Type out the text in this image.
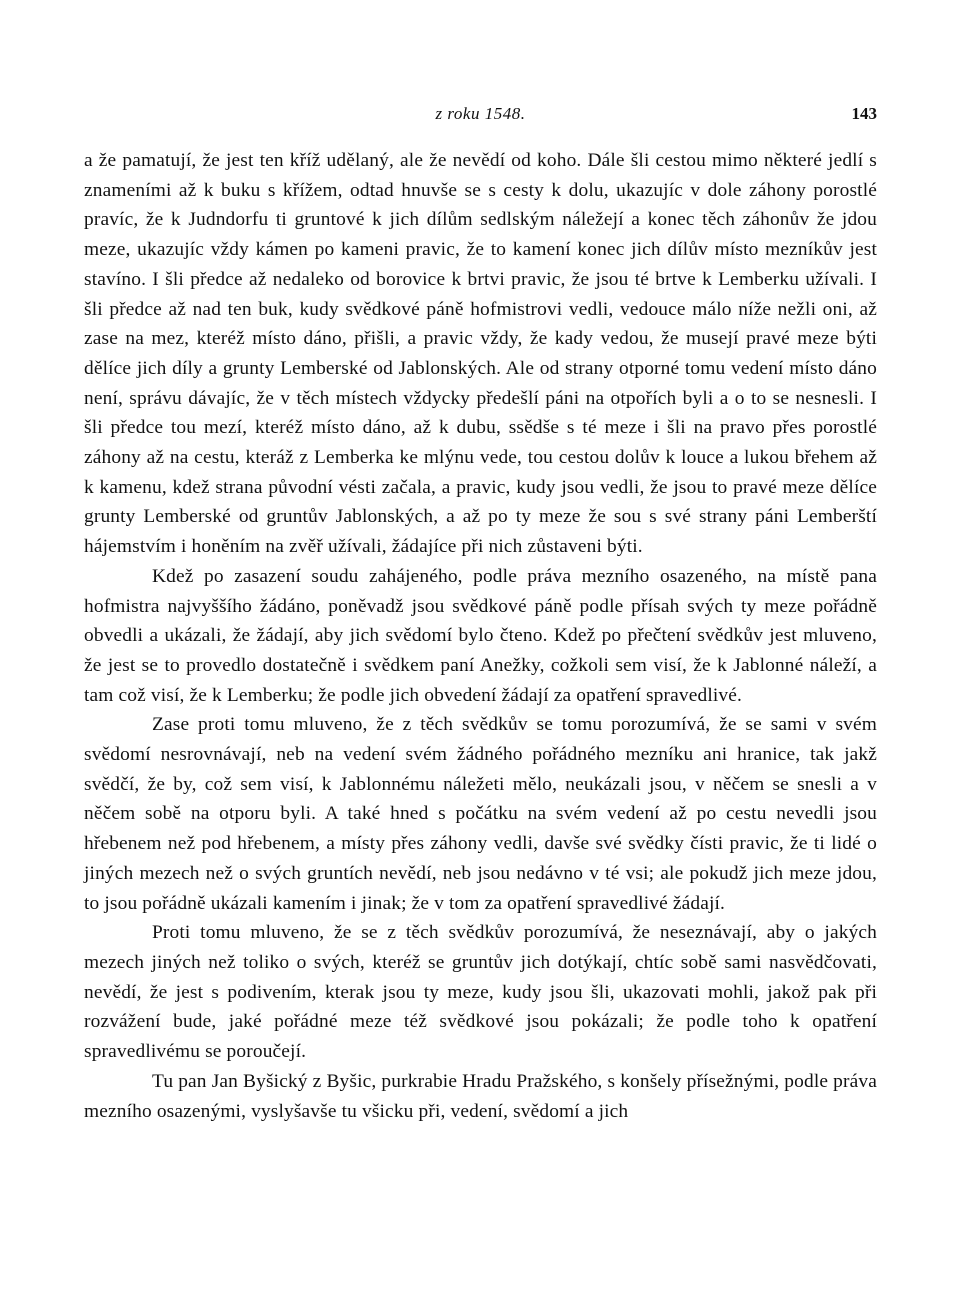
z roku 1548.	143

a že pamatují, že jest ten kříž udělaný, ale že nevědí od koho. Dále šli cestou mimo některé jedlí s znameními až k buku s křížem, odtad hnuvše se s cesty k dolu, ukazujíc v dole záhony porostlé pravíc, že k Judndorfu ti gruntové k jich dílům sedlským náležejí a konec těch záhonův že jdou meze, ukazujíc vždy kámen po kameni praviс, že to kamení konec jich dílův místo mezníkův jest stavíno. I šli předce až nedaleko od borovice k brtvi praviс, že jsou té brtve k Lemberku užívali. I šli předce až nad ten buk, kudy svědkové páně hofmistrovi vedli, vedouce málo níže nežli oni, až zase na mez, kteréž místo dáno, přišli, a praviс vždy, že kady vedou, že musejí pravé meze býti dělíce jich díly a grunty Lemberské od Jablonských. Ale od strany otporné tomu vedení místo dáno není, správu dávajíc, že v těch místech vždycky předešlí páni na otpořích byli a o to se nesnesli. I šli předce tou mezí, kteréž místo dáno, až k dubu, ssědše s té meze i šli na pravo přes porostlé záhony až na cestu, kteráž z Lemberka ke mlýnu vede, tou cestou dolův k louce a lukou břehem až k kamenu, kdež strana původní vésti začala, a praviс, kudy jsou vedli, že jsou to pravé meze dělíce grunty Lemberské od gruntův Jablonských, a až po ty meze že sou s své strany páni Lemberští hájemstvím i honěním na zvěř užívali, žádajíce při nich zůstaveni býti.

Kdež po zasazení soudu zahájeného, podle práva mezního osazeného, na místě pana hofmistra najvyššího žádáno, poněvadž jsou svědkové páně podle přísah svých ty meze pořádně obvedli a ukázali, že žádají, aby jich svědomí bylo čteno. Kdež po přečtení svědkův jest mluveno, že jest se to provedlo dostatečně i svědkem paní Anežky, cožkoli sem visí, že k Jablonné náleží, a tam což visí, že k Lemberku; že podle jich obvedení žádají za opatření spravedlivé.

Zase proti tomu mluveno, že z těch svědkův se tomu porozumívá, že se sami v svém svědomí nesrovnávají, neb na vedení svém žádného pořádného mezníku ani hranice, tak jakž svědčí, že by, což sem visí, k Jablonnému náležeti mělo, neukázali jsou, v něčem se snesli a v něčem sobě na otporu byli. A také hned s počátku na svém vedení až po cestu nevedli jsou hřebenem než pod hřebenem, a místy přes záhony vedli, davše své svědky čísti praviс, že ti lidé o jiných mezech než o svých gruntích nevědí, neb jsou nedávno v té vsi; ale pokudž jich meze jdou, to jsou pořádně ukázali kamením i jinak; že v tom za opatření spravedlivé žádají.

Proti tomu mluveno, že se z těch svědkův porozumívá, že neseznávají, aby o jakých mezech jiných než toliko o svých, kteréž se gruntův jich dotýkají, chtíc sobě sami nasvědčovati, nevědí, že jest s podivením, kterak jsou ty meze, kudy jsou šli, ukazovati mohli, jakož pak při rozvážení bude, jaké pořádné meze též svědkové jsou pokázali; že podle toho k opatření spravedlivému se poroučejí.

Tu pan Jan Byšický z Byšic, purkrabie Hradu Pražského, s konšely přísežnými, podle práva mezního osazenými, vyslyšavše tu všicku při, vedení, svědomí a jich
